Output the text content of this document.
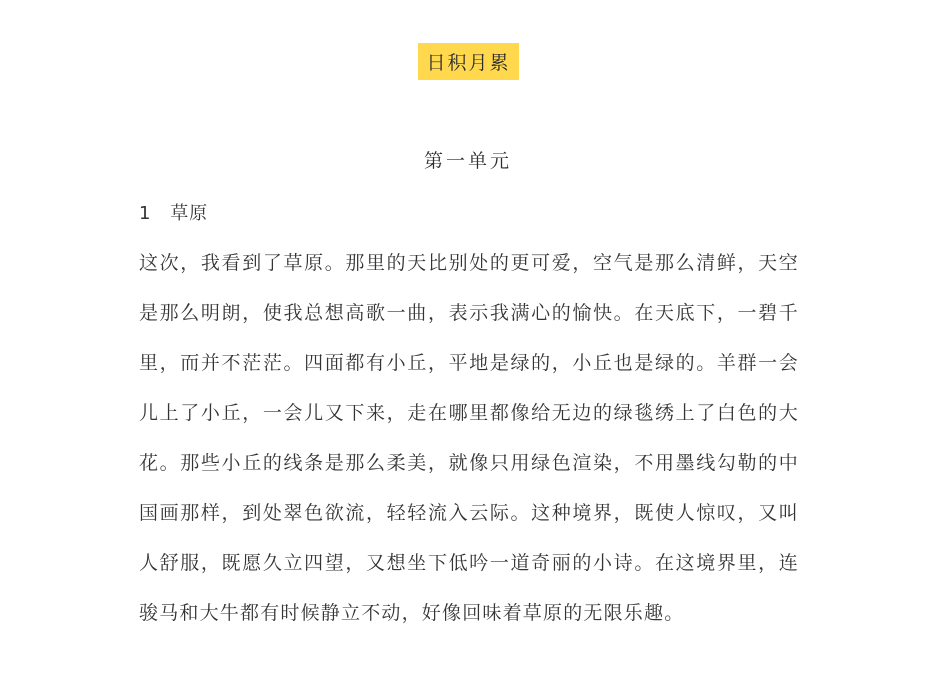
日积月累
第一单元
1 草原

这次，我看到了草原。那里的天比别处的更可爱，空气是那么清鲜，天空是那么明朗，使我总想高歌一曲，表示我满心的愉快。在天底下，一碧千里，而并不茫茫。四面都有小丘，平地是绿的，小丘也是绿的。羊群一会儿上了小丘，一会儿又下来，走在哪里都像给无边的绿毯绣上了白色的大花。那些小丘的线条是那么柔美，就像只用绿色渲染，不用墨线勾勒的中国画那样，到处翠色欲流，轻轻流入云际。这种境界，既使人惊叹，又叫人舒服，既愿久立四望，又想坐下低吟一道奇丽的小诗。在这境界里，连骏马和大牛都有时候静立不动，好像回味着草原的无限乐趣。
